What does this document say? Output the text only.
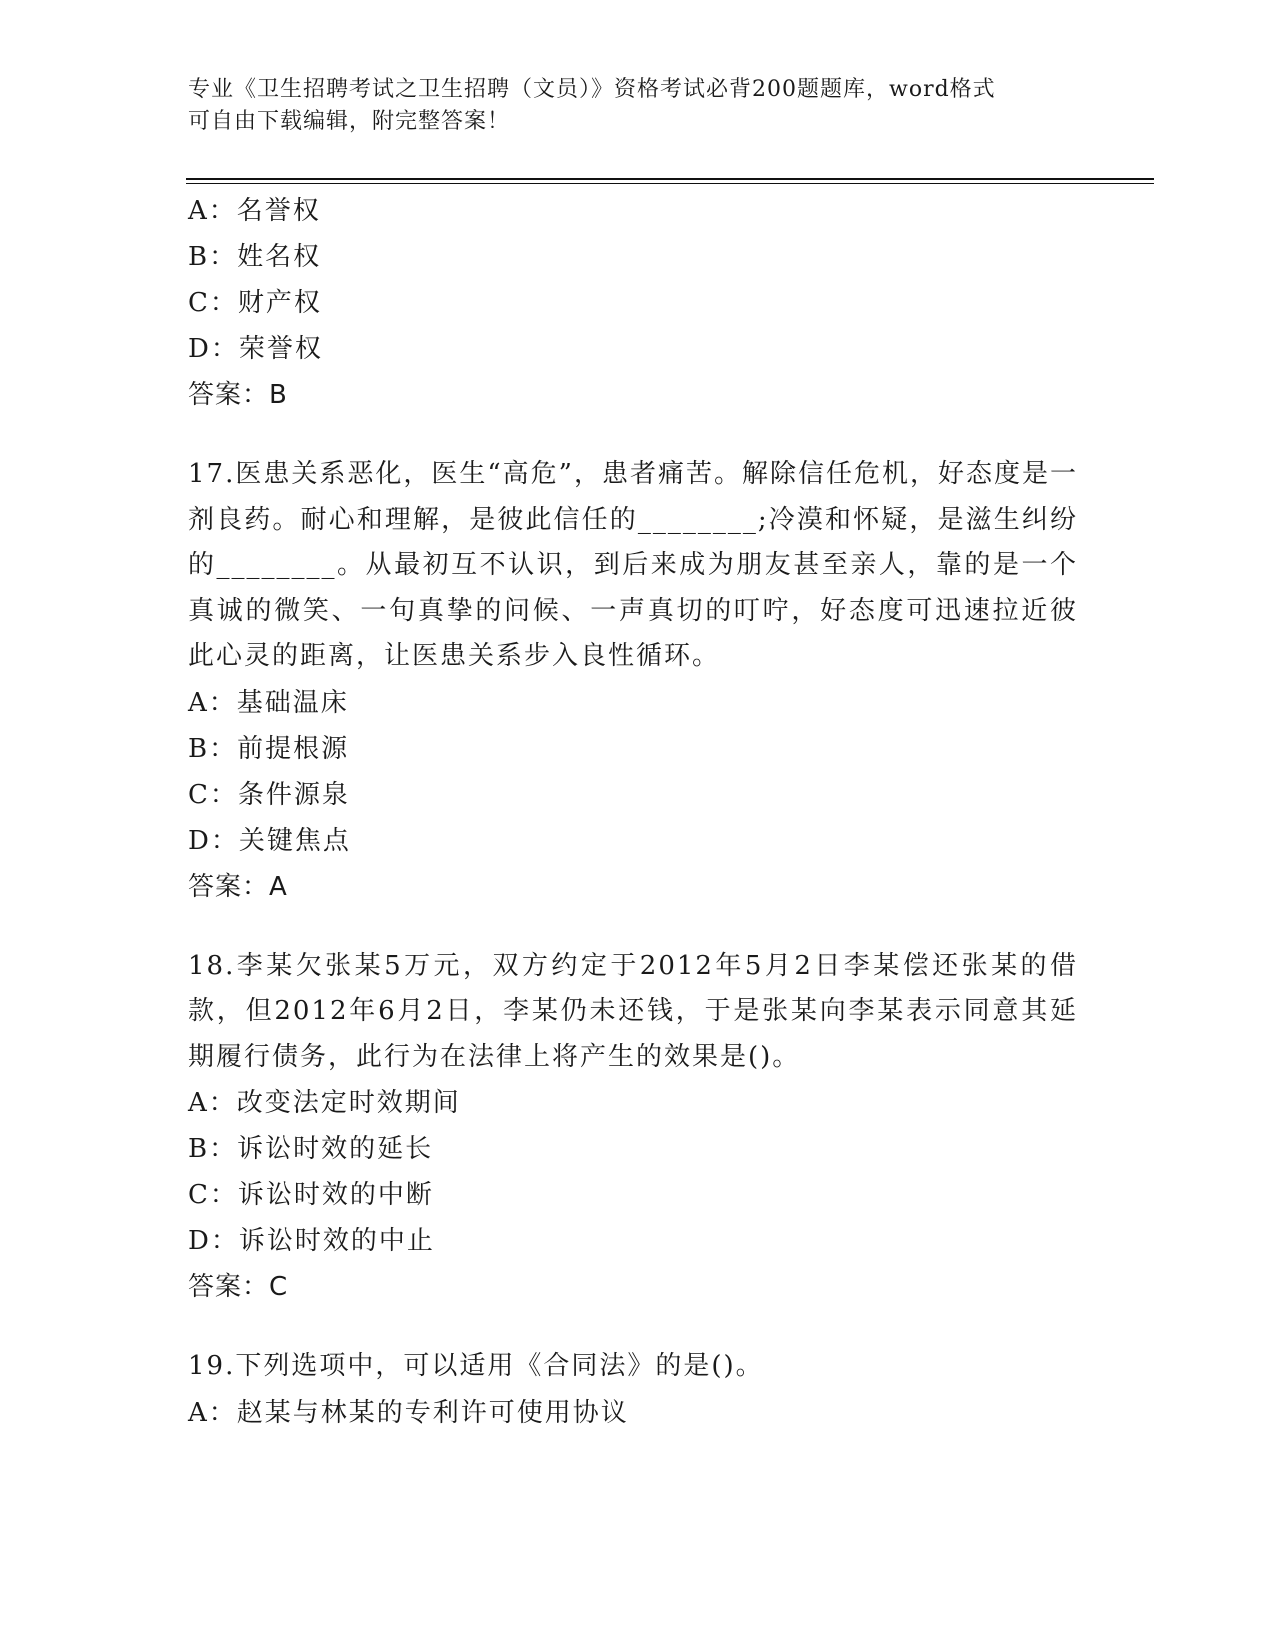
专业《卫生招聘考试之卫生招聘（文员）》资格考试必背200题题库，word格式
可自由下载编辑，附完整答案！
A：名誉权
B：姓名权
C：财产权
D：荣誉权
答案：B
17.医患关系恶化，医生“高危”，患者痛苦。解除信任危机，好态度是一剂良药。耐心和理解，是彼此信任的________;冷漠和怀疑，是滋生纠纷的________。从最初互不认识，到后来成为朋友甚至亲人，靠的是一个真诚的微笑、一句真挚的问候、一声真切的叮咛，好态度可迅速拉近彼此心灵的距离，让医患关系步入良性循环。
A：基础温床
B：前提根源
C：条件源泉
D：关键焦点
答案：A
18.李某欠张某5万元，双方约定于2012年5月2日李某偿还张某的借款，但2012年6月2日，李某仍未还钱，于是张某向李某表示同意其延期履行债务，此行为在法律上将产生的效果是()。
A：改变法定时效期间
B：诉讼时效的延长
C：诉讼时效的中断
D：诉讼时效的中止
答案：C
19.下列选项中，可以适用《合同法》的是()。
A：赵某与林某的专利许可使用协议
